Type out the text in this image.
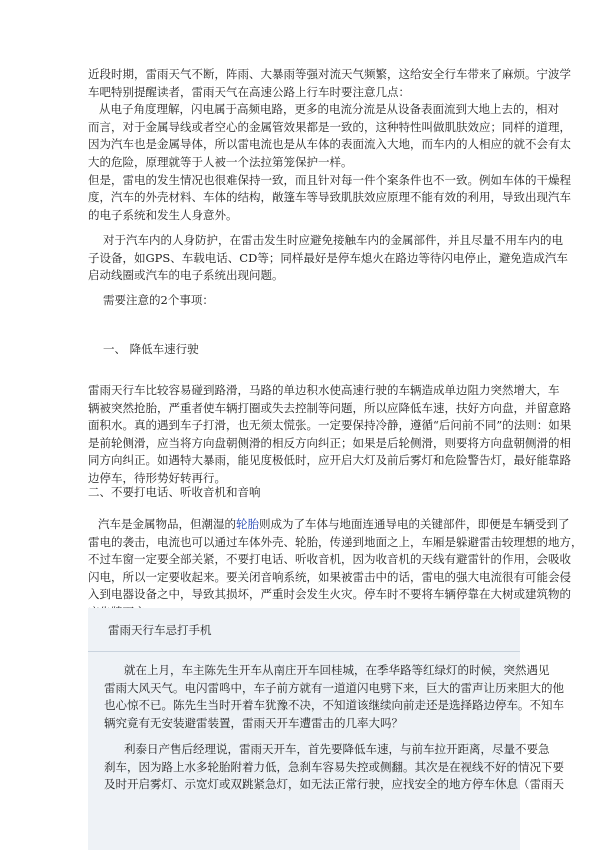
近段时期，雷雨天气不断，阵雨、大暴雨等强对流天气频繁，这给安全行车带来了麻烦。宁波学
车吧特别提醒读者，雷雨天气在高速公路上行车时要注意几点：
从电子角度理解，闪电属于高频电路，更多的电流分流是从设备表面流到大地上去的，相对
而言，对于金属导线或者空心的金属管效果都是一致的，这种特性叫做肌肤效应；同样的道理，
因为汽车也是金属导体，所以雷电流也是从车体的表面流入大地，而车内的人相应的就不会有太
大的危险，原理就等于人被一个法拉第笼保护一样。
但是，雷电的发生情况也很难保持一致，而且针对每一件个案条件也不一致。例如车体的干燥程
度，汽车的外壳材料、车体的结构，敞篷车等导致肌肤效应原理不能有效的利用，导致出现汽车
的电子系统和发生人身意外。
对于汽车内的人身防护，在雷击发生时应避免接触车内的金属部件，并且尽量不用车内的电
子设备，如GPS、车载电话、CD等；同样最好是停车熄火在路边等待闪电停止，避免造成汽车
启动线圈或汽车的电子系统出现问题。
需要注意的2个事项：
一、 降低车速行驶
雷雨天行车比较容易碰到路滑，马路的单边积水使高速行驶的车辆造成单边阻力突然增大，车
辆被突然抢胎，严重者使车辆打圈或失去控制等问题，所以应降低车速，扶好方向盘，并留意路
面积水。真的遇到车子打滑，也无须太慌张。一定要保持冷静，遵循“后问前不同”的法则：如果
是前轮侧滑，应当将方向盘朝侧滑的相反方向纠正；如果是后轮侧滑，则要将方向盘朝侧滑的相
同方向纠正。如遇特大暴雨，能见度极低时，应开启大灯及前后雾灯和危险警告灯，最好能靠路
边停车，待形势好转再行。
二、不要打电话、听收音机和音响
汽车是金属物品，但潮湿的轮胎则成为了车体与地面连通导电的关键部件，即便是车辆受到了
雷电的袭击，电流也可以通过车体外壳、轮胎，传递到地面之上，车厢是躲避雷击较理想的地方，
不过车窗一定要全部关紧，不要打电话、听收音机，因为收音机的天线有避雷针的作用，会吸收
闪电，所以一定要收起来。要关闭音响系统，如果被雷击中的话，雷电的强大电流很有可能会侵
入到电器设备之中，导致其损坏，严重时会发生火灾。停车时不要将车辆停靠在大树或建筑物的
雷雨天行车忌打手机
就在上月，车主陈先生开车从南庄开车回桂城，在季华路等红绿灯的时候，突然遇见
雷雨大风天气。电闪雷鸣中，车子前方就有一道道闪电劈下来，巨大的雷声让历来胆大的他
也心惊不已。陈先生当时开着车犹豫不决，不知道该继续向前走还是选择路边停车。不知车
辆究竟有无安装避雷装置，雷雨天开车遭雷击的几率大吗？
利泰日产售后经理说，雷雨天开车，首先要降低车速，与前车拉开距离，尽量不要急
刹车，因为路上水多轮胎附着力低，急刹车容易失控或侧翻。其次是在视线不好的情况下要
及时开启雾灯、示宽灯或双跳紧急灯，如无法正常行驶，应找安全的地方停车休息（雷雨天
